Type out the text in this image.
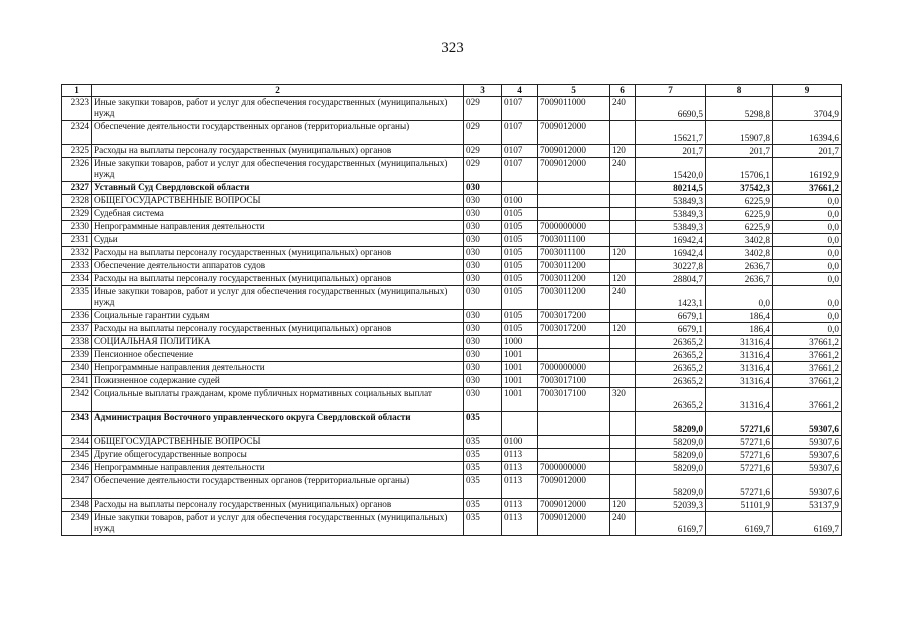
323
1	2	3	4	5	6	7	8	9
2323	Иные закупки товаров, работ и услуг для обеспечения государственных (муниципальных) нужд	029	0107	7009011000	240	6690,5	5298,8	3704,9
2324	Обеспечение деятельности государственных органов (территориальные органы)	029	0107	7009012000		15621,7	15907,8	16394,6
2325	Расходы на выплаты персоналу государственных (муниципальных) органов	029	0107	7009012000	120	201,7	201,7	201,7
2326	Иные закупки товаров, работ и услуг для обеспечения государственных (муниципальных) нужд	029	0107	7009012000	240	15420,0	15706,1	16192,9
2327	Уставный Суд Свердловской области	030				80214,5	37542,3	37661,2
2328	ОБЩЕГОСУДАРСТВЕННЫЕ ВОПРОСЫ	030	0100			53849,3	6225,9	0,0
2329	Судебная система	030	0105			53849,3	6225,9	0,0
2330	Непрограммные направления деятельности	030	0105	7000000000		53849,3	6225,9	0,0
2331	Судьи	030	0105	7003011100		16942,4	3402,8	0,0
2332	Расходы на выплаты персоналу государственных (муниципальных) органов	030	0105	7003011100	120	16942,4	3402,8	0,0
2333	Обеспечение деятельности аппаратов судов	030	0105	7003011200		30227,8	2636,7	0,0
2334	Расходы на выплаты персоналу государственных (муниципальных) органов	030	0105	7003011200	120	28804,7	2636,7	0,0
2335	Иные закупки товаров, работ и услуг для обеспечения государственных (муниципальных) нужд	030	0105	7003011200	240	1423,1	0,0	0,0
2336	Социальные гарантии судьям	030	0105	7003017200		6679,1	186,4	0,0
2337	Расходы на выплаты персоналу государственных (муниципальных) органов	030	0105	7003017200	120	6679,1	186,4	0,0
2338	СОЦИАЛЬНАЯ ПОЛИТИКА	030	1000			26365,2	31316,4	37661,2
2339	Пенсионное обеспечение	030	1001			26365,2	31316,4	37661,2
2340	Непрограммные направления деятельности	030	1001	7000000000		26365,2	31316,4	37661,2
2341	Пожизненное содержание судей	030	1001	7003017100		26365,2	31316,4	37661,2
2342	Социальные выплаты гражданам, кроме публичных нормативных социальных выплат	030	1001	7003017100	320	26365,2	31316,4	37661,2
2343	Администрация Восточного управленческого округа Свердловской области	035				58209,0	57271,6	59307,6
2344	ОБЩЕГОСУДАРСТВЕННЫЕ ВОПРОСЫ	035	0100			58209,0	57271,6	59307,6
2345	Другие общегосударственные вопросы	035	0113			58209,0	57271,6	59307,6
2346	Непрограммные направления деятельности	035	0113	7000000000		58209,0	57271,6	59307,6
2347	Обеспечение деятельности государственных органов (территориальные органы)	035	0113	7009012000		58209,0	57271,6	59307,6
2348	Расходы на выплаты персоналу государственных (муниципальных) органов	035	0113	7009012000	120	52039,3	51101,9	53137,9
2349	Иные закупки товаров, работ и услуг для обеспечения государственных (муниципальных) нужд	035	0113	7009012000	240	6169,7	6169,7	6169,7
